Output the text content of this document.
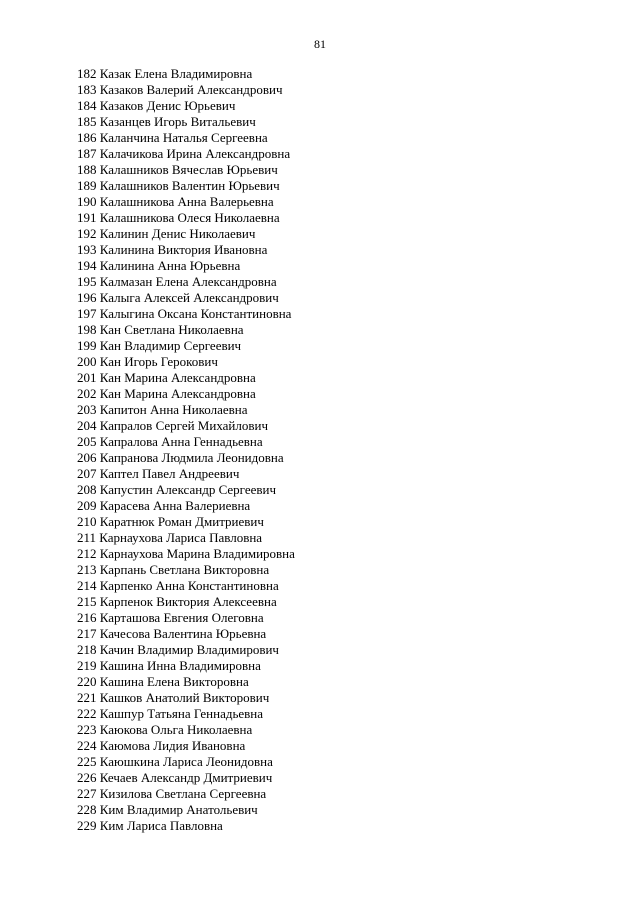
81
182 Казак Елена Владимировна
183 Казаков Валерий Александрович
184 Казаков Денис Юрьевич
185 Казанцев Игорь Витальевич
186 Каланчина Наталья Сергеевна
187 Калачикова Ирина Александровна
188 Калашников Вячеслав Юрьевич
189 Калашников Валентин Юрьевич
190 Калашникова Анна Валерьевна
191 Калашникова Олеся Николаевна
192 Калинин Денис Николаевич
193 Калинина Виктория Ивановна
194 Калинина Анна Юрьевна
195 Калмазан Елена Александровна
196 Калыга Алексей Александрович
197 Калыгина Оксана Константиновна
198 Кан Светлана Николаевна
199 Кан Владимир Сергеевич
200 Кан Игорь Герокович
201 Кан Марина Александровна
202 Кан Марина Александровна
203 Капитон Анна Николаевна
204 Капралов Сергей Михайлович
205 Капралова Анна Геннадьевна
206 Капранова Людмила Леонидовна
207 Каптел Павел Андреевич
208 Капустин Александр Сергеевич
209 Карасева Анна Валериевна
210 Каратнюк Роман Дмитриевич
211 Карнаухова Лариса Павловна
212 Карнаухова Марина Владимировна
213 Карпань Светлана Викторовна
214 Карпенко Анна Константиновна
215 Карпенок Виктория Алексеевна
216 Карташова Евгения Олеговна
217 Качесова Валентина Юрьевна
218 Качин Владимир Владимирович
219 Кашина Инна Владимировна
220 Кашина Елена Викторовна
221 Кашков Анатолий Викторович
222 Кашпур Татьяна Геннадьевна
223 Каюкова Ольга Николаевна
224 Каюмова Лидия Ивановна
225 Каюшкина Лариса Леонидовна
226 Кечаев Александр Дмитриевич
227 Кизилова Светлана Сергеевна
228 Ким Владимир Анатольевич
229 Ким Лариса Павловна
